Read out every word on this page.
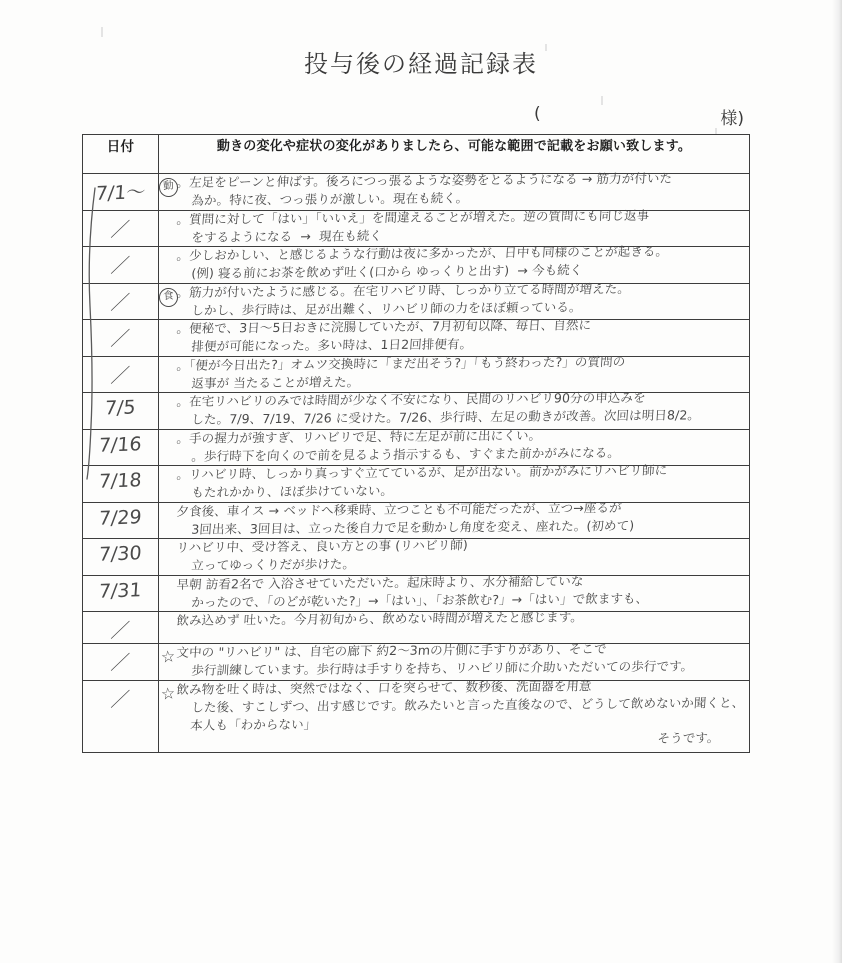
投与後の経過記録表
(	様)
日付	動きの変化や症状の変化がありましたら、可能な範囲で記載をお願い致します。
7/1〜	動 。左足をピーンと伸ばす。後ろにつっ張るような姿勢をとるようになる → 筋力が付いた
為か。特に夜、つっ張りが激しい。現在も続く。

／	。質問に対して「はい」「いいえ」を間違えることが増えた。逆の質問にも同じ返事
をするようになる  →  現在も続く

／	。少しおかしい、と感じるような行動は夜に多かったが、日中も同様のことが起きる。
(例) 寝る前にお茶を飲めず吐く(口から ゆっくりと出す)  → 今も続く

／	食 。筋力が付いたように感じる。在宅リハビリ時、しっかり立てる時間が増えた。
しかし、歩行時は、足が出難く、リハビリ師の力をほぼ頼っている。

／	。便秘で、3日〜5日おきに浣腸していたが、7月初旬以降、毎日、自然に
排便が可能になった。多い時は、1日2回排便有。

／	。「便が今日出た?」オムツ交換時に「まだ出そう?」「もう終わった?」の質問の
返事が 当たることが増えた。

7/5	。在宅リハビリのみでは時間が少なく不安になり、民間のリハビリ90分の申込みを
した。7/9、7/19、7/26 に受けた。7/26、歩行時、左足の動きが改善。次回は明日8/2。

7/16	。手の握力が強すぎ、リハビリで足、特に左足が前に出にくい。
。歩行時下を向くので前を見るよう指示するも、すぐまた前かがみになる。

7/18	。リハビリ時、しっかり真っすぐ立てているが、足が出ない。前かがみにリハビリ師に
もたれかかり、ほぼ歩けていない。

7/29	夕食後、車イス → ベッドへ移乗時、立つことも不可能だったが、立つ→座るが
3回出来、3回目は、立った後自力で足を動かし角度を変え、座れた。(初めて)

7/30	リハビリ中、受け答え、良い方との事 (リハビリ師)
立ってゆっくりだが歩けた。

7/31	早朝 訪看2名で 入浴させていただいた。起床時より、水分補給していな
かったので、「のどが乾いた?」→「はい」、「お茶飲む?」→「はい」で飲ますも、

／	飲み込めず 吐いた。今月初旬から、飲めない時間が増えたと感じます。

／	☆ 文中の "リハビリ" は、自宅の廊下 約2〜3mの片側に手すりがあり、そこで
歩行訓練しています。歩行時は手すりを持ち、リハビリ師に介助いただいての歩行です。

／	☆ 飲み物を吐く時は、突然ではなく、口を突らせて、数秒後、洗面器を用意
した後、すこしずつ、出す感じです。飲みたいと言った直後なので、どうして飲めないか聞くと、本人も「わからない」
そうです。
